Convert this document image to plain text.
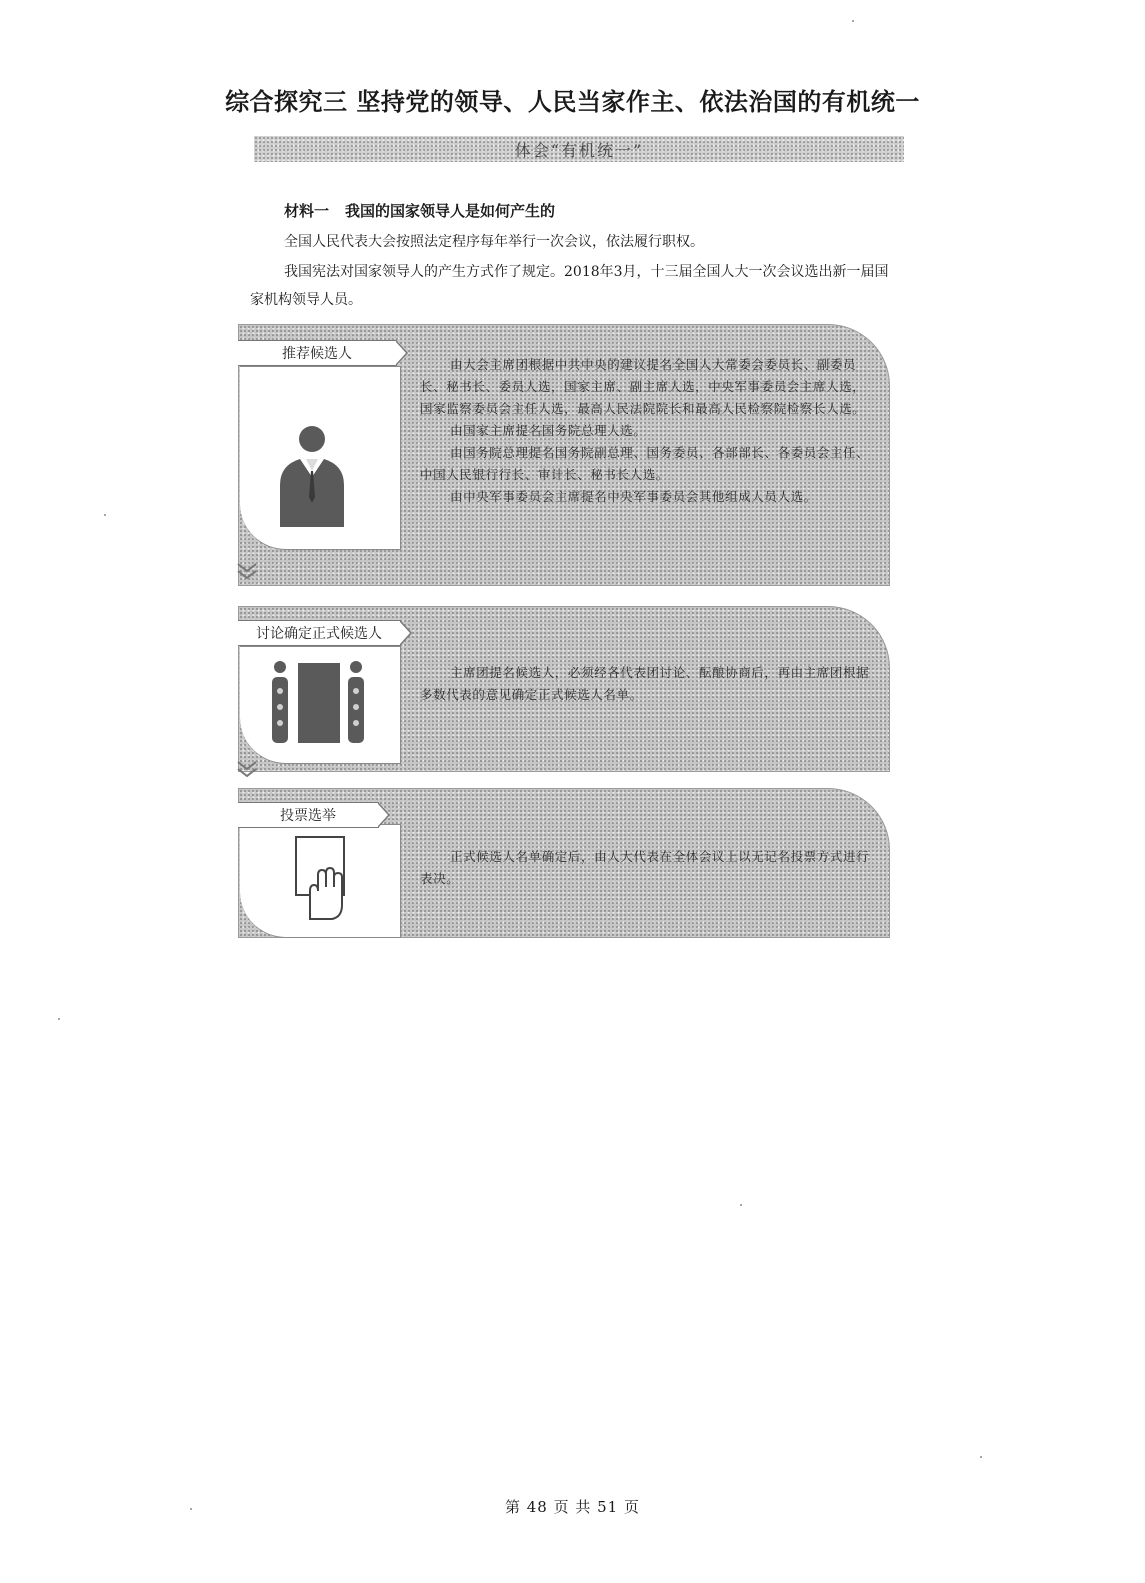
综合探究三 坚持党的领导、人民当家作主、依法治国的有机统一
体会“有机统一”
材料一 我国的国家领导人是如何产生的
全国人民代表大会按照法定程序每年举行一次会议，依法履行职权。
我国宪法对国家领导人的产生方式作了规定。2018年3月，十三届全国人大一次会议选出新一届国家机构领导人员。
推荐候选人

由大会主席团根据中共中央的建议提名全国人大常委会委员长、副委员长、秘书长、委员人选，国家主席、副主席人选，中央军事委员会主席人选，国家监察委员会主任人选，最高人民法院院长和最高人民检察院检察长人选。

由国家主席提名国务院总理人选。

由国务院总理提名国务院副总理、国务委员、各部部长、各委员会主任、中国人民银行行长、审计长、秘书长人选。

由中央军事委员会主席提名中央军事委员会其他组成人员人选。

讨论确定正式候选人

主席团提名候选人，必须经各代表团讨论、酝酿协商后，再由主席团根据多数代表的意见确定正式候选人名单。

投票选举

正式候选人名单确定后，由人大代表在全体会议上以无记名投票方式进行表决。

第 48 页 共 51 页
